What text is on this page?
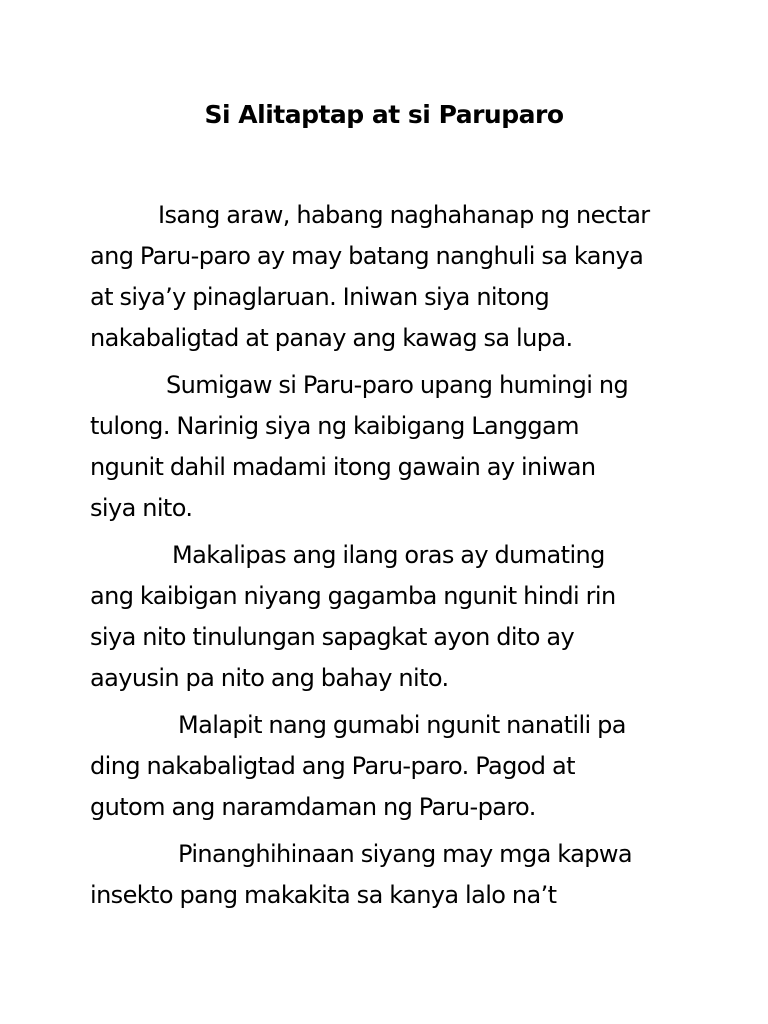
Si Alitaptap at si Paruparo

Isang araw, habang naghahanap ng nectar
ang Paru-paro ay may batang nanghuli sa kanya
at siya’y pinaglaruan. Iniwan siya nitong
nakabaligtad at panay ang kawag sa lupa.

Sumigaw si Paru-paro upang humingi ng
tulong. Narinig siya ng kaibigang Langgam
ngunit dahil madami itong gawain ay iniwan
siya nito.

Makalipas ang ilang oras ay dumating
ang kaibigan niyang gagamba ngunit hindi rin
siya nito tinulungan sapagkat ayon dito ay
aayusin pa nito ang bahay nito.

Malapit nang gumabi ngunit nanatili pa
ding nakabaligtad ang Paru-paro. Pagod at
gutom ang naramdaman ng Paru-paro.

Pinanghihinaan siyang may mga kapwa
insekto pang makakita sa kanya lalo na’t
